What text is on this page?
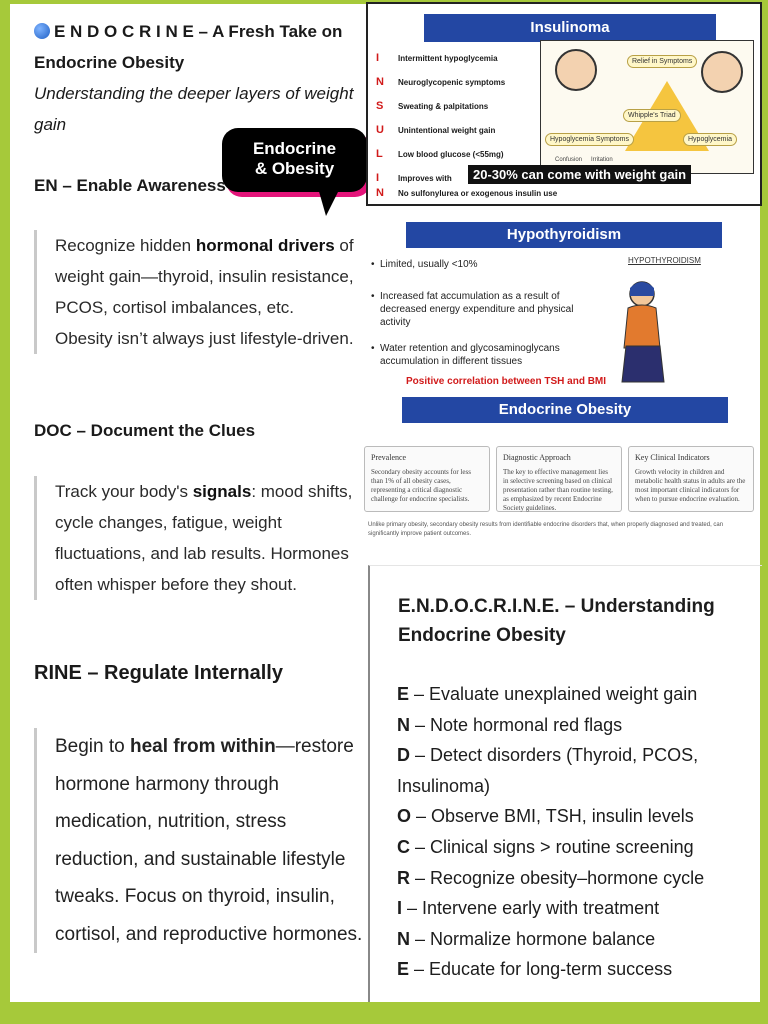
E N D O C R I N E – A Fresh Take on Endocrine Obesity
Understanding the deeper layers of weight gain
Endocrine
& Obesity
EN – Enable Awareness
Recognize hidden hormonal drivers of weight gain—thyroid, insulin resistance, PCOS, cortisol imbalances, etc. Obesity isn’t always just lifestyle-driven.
DOC – Document the Clues
Track your body's signals: mood shifts, cycle changes, fatigue, weight fluctuations, and lab results. Hormones often whisper before they shout.
RINE – Regulate Internally
Begin to heal from within—restore hormone harmony through medication, nutrition, stress reduction, and sustainable lifestyle tweaks. Focus on thyroid, insulin, cortisol, and reproductive hormones.
Insulinoma
I Intermittent hypoglycemia
N Neuroglycopenic symptoms
S Sweating & palpitations
U Unintentional weight gain
L Low blood glucose (<55mg)
I Improves with
Relief in Symptoms
Whipple's Triad
Hypoglycemia Symptoms	Hypoglycemia
Confusion Irritation
20-30% can come with weight gain
N No sulfonylurea or exogenous insulin use
Hypothyroidism
• Limited, usually <10%
• Increased fat accumulation as a result of decreased energy expenditure and physical activity
• Water retention and glycosaminoglycans accumulation in different tissues
Positive correlation between TSH and BMI
HYPOTHYROIDISM
Endocrine Obesity
Prevalence
Secondary obesity accounts for less than 1% of all obesity cases, representing a critical diagnostic challenge for endocrine specialists.
Diagnostic Approach
The key to effective management lies in selective screening based on clinical presentation rather than routine testing, as emphasized by recent Endocrine Society guidelines.
Key Clinical Indicators
Growth velocity in children and metabolic health status in adults are the most important clinical indicators for when to pursue endocrine evaluation.
Unlike primary obesity, secondary obesity results from identifiable endocrine disorders that, when properly diagnosed and treated, can significantly improve patient outcomes.
E.N.D.O.C.R.I.N.E. – Understanding Endocrine Obesity
E – Evaluate unexplained weight gain
N – Note hormonal red flags
D – Detect disorders (Thyroid, PCOS, Insulinoma)
O – Observe BMI, TSH, insulin levels
C – Clinical signs > routine screening
R – Recognize obesity–hormone cycle
I – Intervene early with treatment
N – Normalize hormone balance
E – Educate for long-term success
